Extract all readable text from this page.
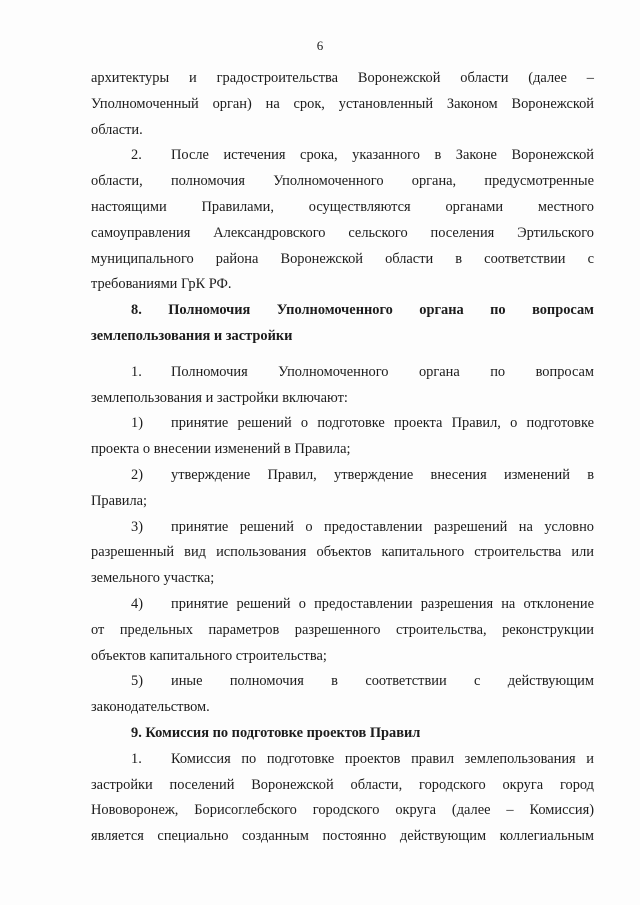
6
архитектуры и градостроительства Воронежской области (далее –
Уполномоченный орган) на срок, установленный Законом Воронежской
области.
2.	После истечения срока, указанного в Законе Воронежской
области, полномочия Уполномоченного органа, предусмотренные
настоящими Правилами, осуществляются органами местного
самоуправления Александровского сельского поселения Эртильского
муниципального района Воронежской области в соответствии с
требованиями ГрК РФ.
8. Полномочия Уполномоченного органа по вопросам
землепользования и застройки
1.	Полномочия Уполномоченного органа по вопросам
землепользования и застройки включают:
1)	принятие решений о подготовке проекта Правил, о подготовке
проекта о внесении изменений в Правила;
2)	утверждение Правил, утверждение внесения изменений в
Правила;
3)	принятие решений о предоставлении разрешений на условно
разрешенный вид использования объектов капитального строительства или
земельного участка;
4)	принятие решений о предоставлении разрешения на отклонение
от предельных параметров разрешенного строительства, реконструкции
объектов капитального строительства;
5)	иные полномочия в соответствии с действующим
законодательством.
9. Комиссия по подготовке проектов Правил
1.	Комиссия по подготовке проектов правил землепользования и
застройки поселений Воронежской области, городского округа город
Нововоронеж, Борисоглебского городского округа (далее – Комиссия)
является специально созданным постоянно действующим коллегиальным
